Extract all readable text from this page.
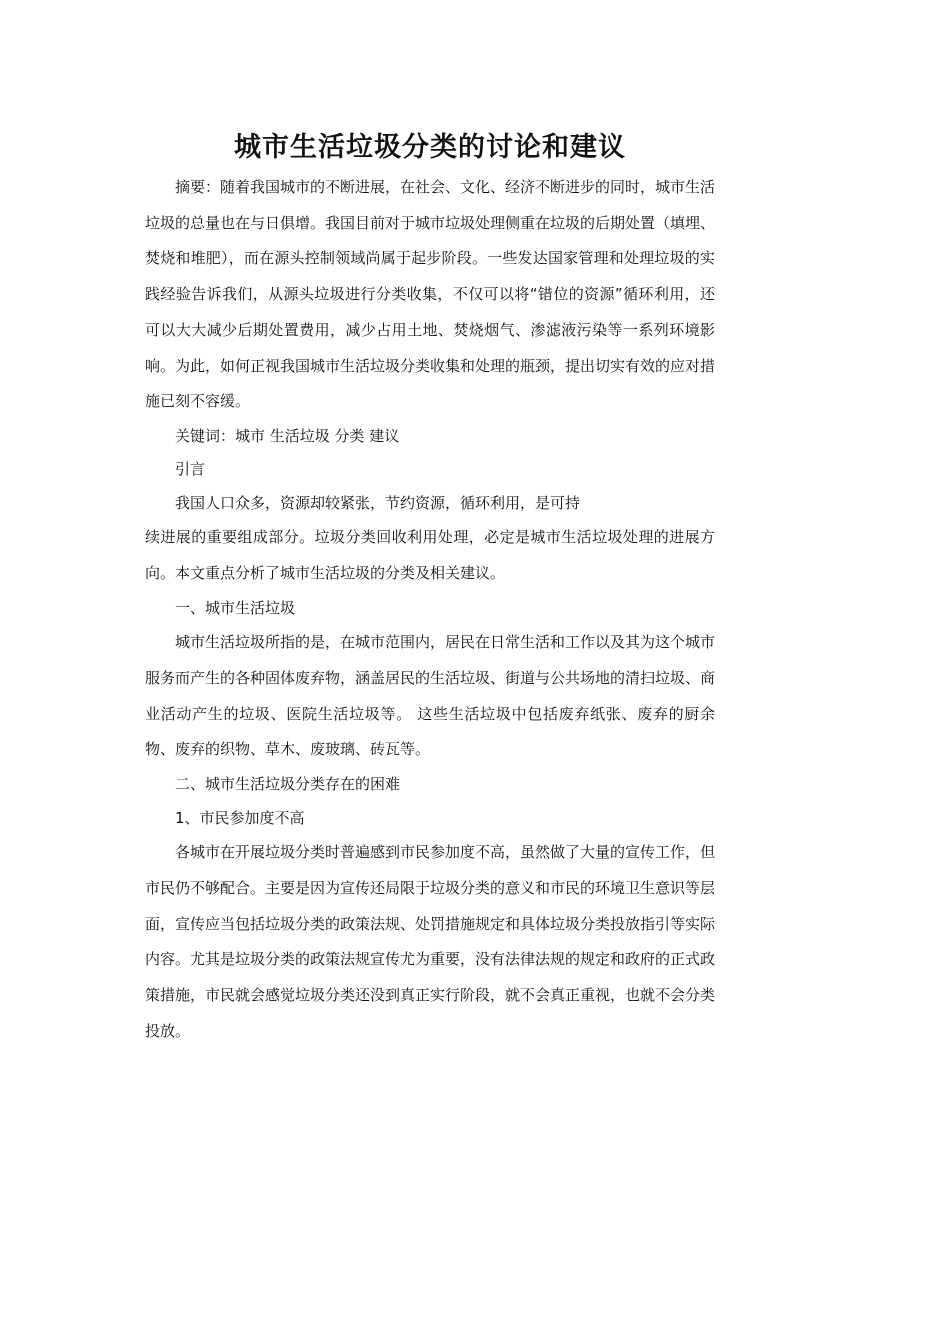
城市生活垃圾分类的讨论和建议

摘要：随着我国城市的不断进展，在社会、文化、经济不断进步的同时，城市生活垃圾的总量也在与日俱增。我国目前对于城市垃圾处理侧重在垃圾的后期处置（填埋、焚烧和堆肥），而在源头控制领域尚属于起步阶段。一些发达国家管理和处理垃圾的实践经验告诉我们，从源头垃圾进行分类收集，不仅可以将“错位的资源”循环利用，还可以大大减少后期处置费用，减少占用土地、焚烧烟气、渗滤液污染等一系列环境影响。为此，如何正视我国城市生活垃圾分类收集和处理的瓶颈，提出切实有效的应对措施已刻不容缓。

关键词：城市 生活垃圾 分类 建议

引言

我国人口众多，资源却较紧张，节约资源，循环利用，是可持

续进展的重要组成部分。垃圾分类回收利用处理，必定是城市生活垃圾处理的进展方向。本文重点分析了城市生活垃圾的分类及相关建议。

一、城市生活垃圾

城市生活垃圾所指的是，在城市范围内，居民在日常生活和工作以及其为这个城市服务而产生的各种固体废弃物，涵盖居民的生活垃圾、街道与公共场地的清扫垃圾、商业活动产生的垃圾、医院生活垃圾等。 这些生活垃圾中包括废弃纸张、废弃的厨余物、废弃的织物、草木、废玻璃、砖瓦等。

二、城市生活垃圾分类存在的困难

1、市民参加度不高

各城市在开展垃圾分类时普遍感到市民参加度不高，虽然做了大量的宣传工作，但市民仍不够配合。主要是因为宣传还局限于垃圾分类的意义和市民的环境卫生意识等层面，宣传应当包括垃圾分类的政策法规、处罚措施规定和具体垃圾分类投放指引等实际内容。尤其是垃圾分类的政策法规宣传尤为重要，没有法律法规的规定和政府的正式政策措施，市民就会感觉垃圾分类还没到真正实行阶段，就不会真正重视，也就不会分类投放。
